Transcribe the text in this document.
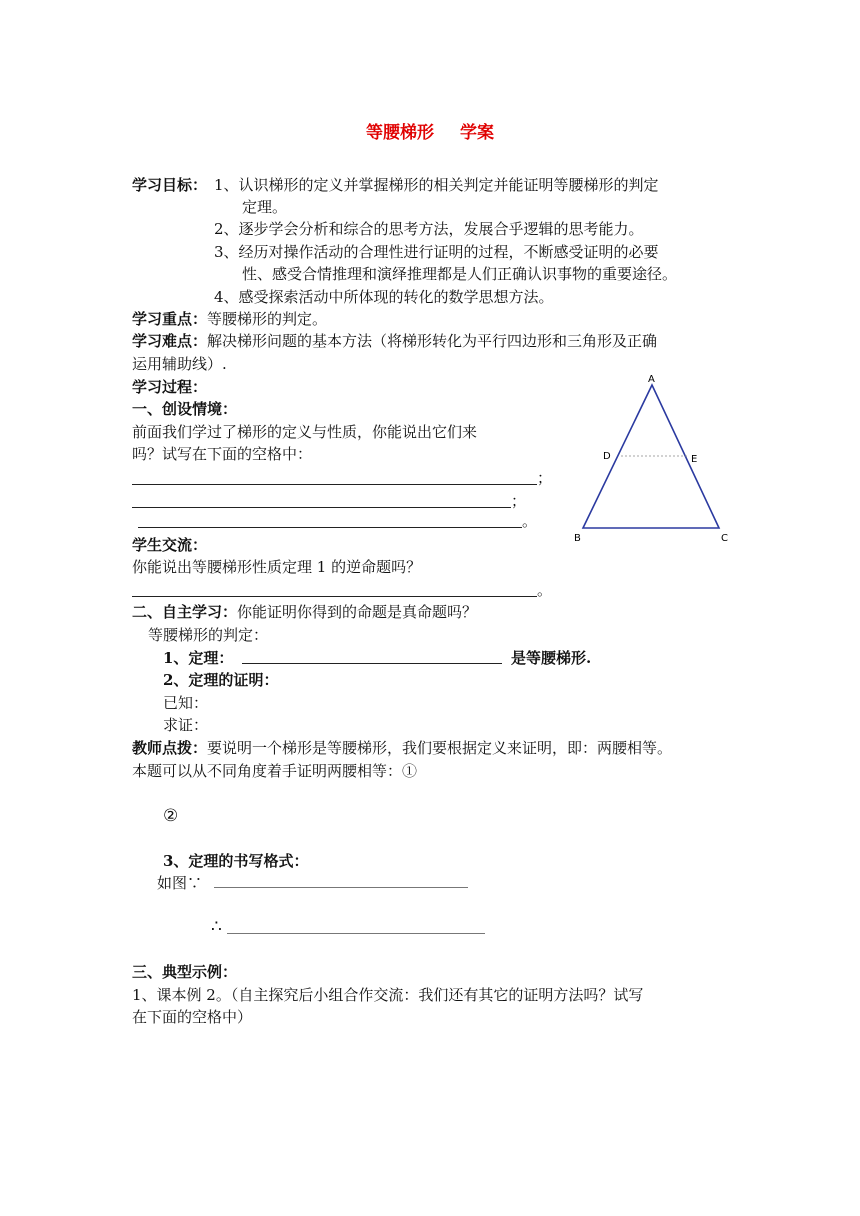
等腰梯形 学案
学习目标： 1、认识梯形的定义并掌握梯形的相关判定并能证明等腰梯形的判定
定理。
2、逐步学会分析和综合的思考方法，发展合乎逻辑的思考能力。
3、经历对操作活动的合理性进行证明的过程，不断感受证明的必要
性、感受合情推理和演绎推理都是人们正确认识事物的重要途径。
4、感受探索活动中所体现的转化的数学思想方法。
学习重点：等腰梯形的判定。
学习难点：解决梯形问题的基本方法（将梯形转化为平行四边形和三角形及正确
运用辅助线）.
学习过程：
一、创设情境：
前面我们学过了梯形的定义与性质，你能说出它们来
吗？试写在下面的空格中：
；
；
。
A
B	C
D	E
学生交流：
你能说出等腰梯形性质定理 1 的逆命题吗？
。
二、自主学习：你能证明你得到的命题是真命题吗？
等腰梯形的判定：
1、定理：	是等腰梯形.
2、定理的证明：
已知：
求证：
教师点拨：要说明一个梯形是等腰梯形，我们要根据定义来证明，即：两腰相等。
本题可以从不同角度着手证明两腰相等：①
②
3、定理的书写格式：
如图∵
∴
三、典型示例：
1、课本例 2。（自主探究后小组合作交流：我们还有其它的证明方法吗？试写
在下面的空格中）
